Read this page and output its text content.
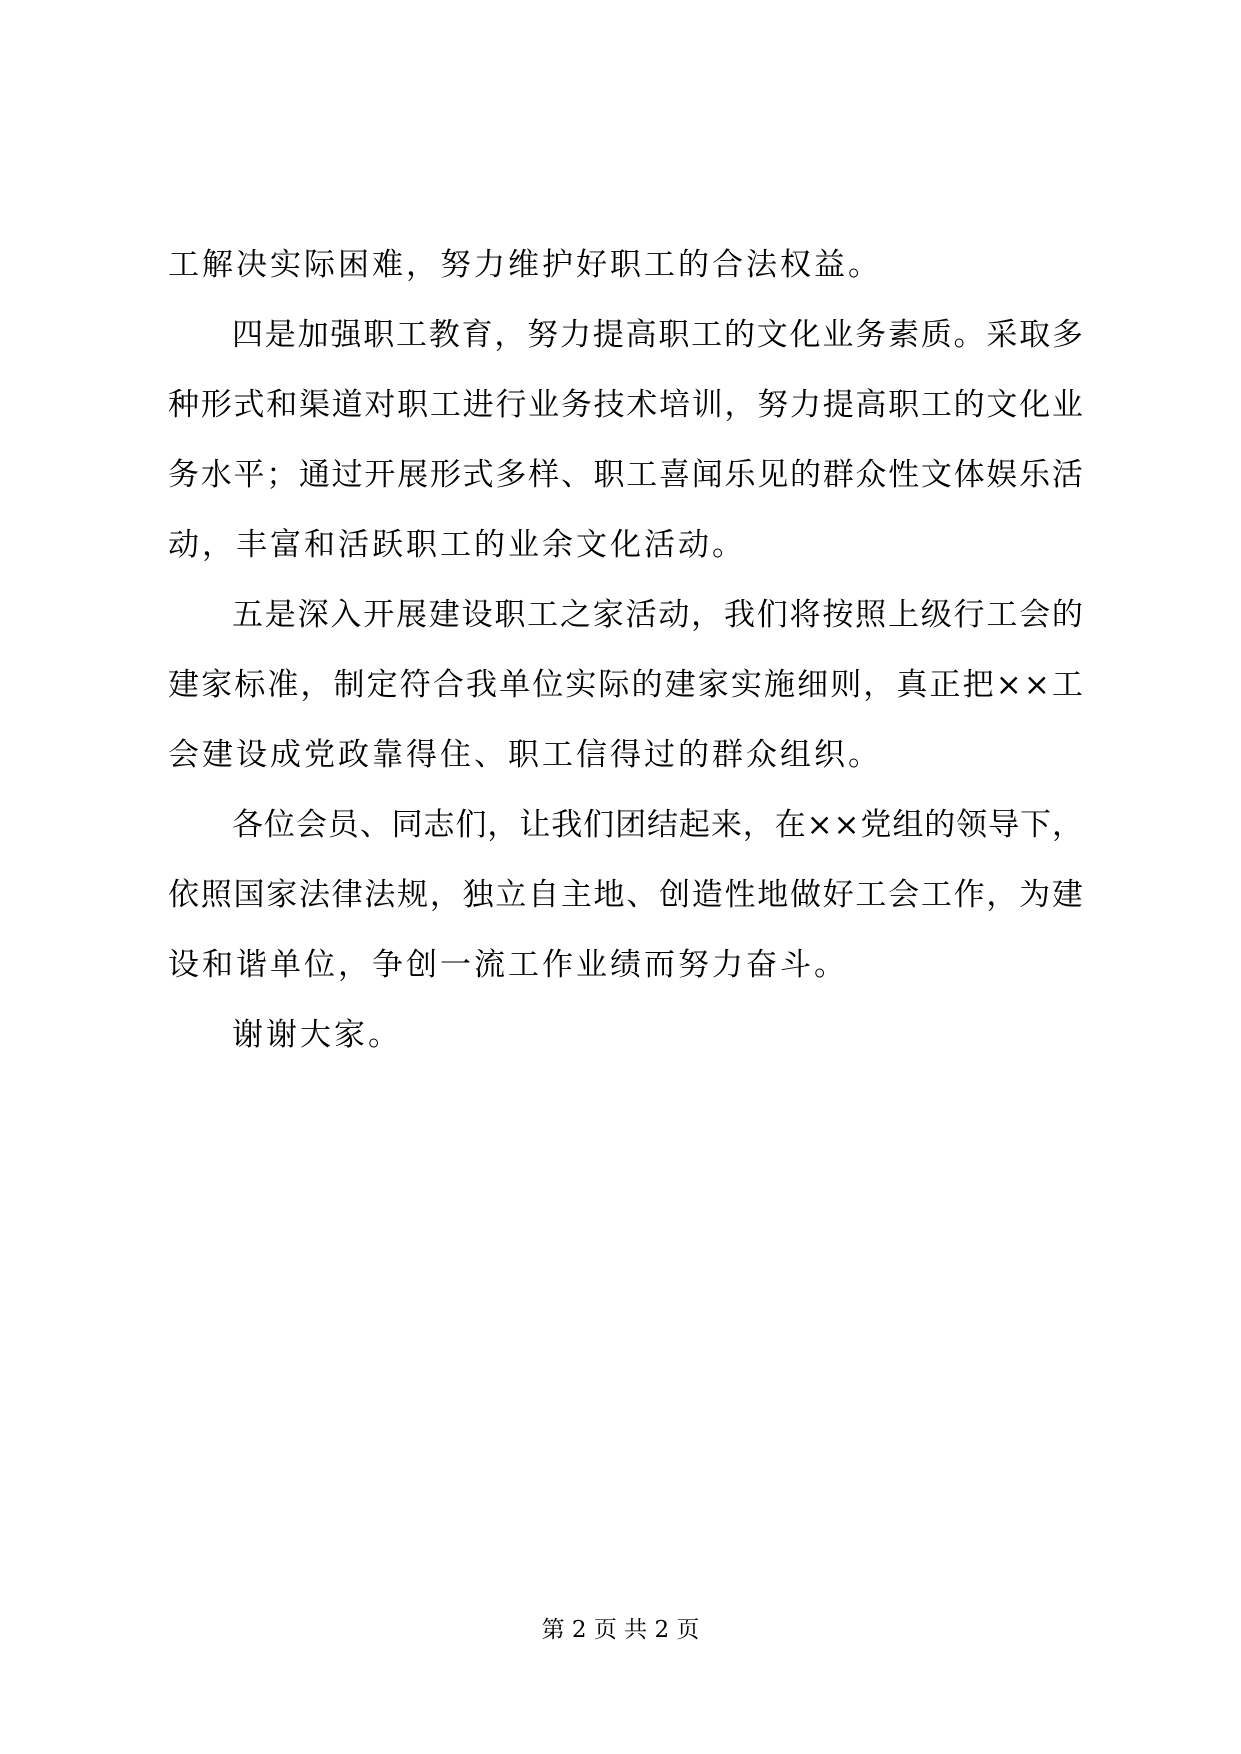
工解决实际困难，努力维护好职工的合法权益。
四 是 加 强 职 工 教 育 ， 努 力 提 高 职 工 的 文 化 业 务 素 质 。 采 取 多
种 形 式 和 渠 道 对 职 工 进 行 业 务 技 术 培 训 ， 努 力 提 高 职 工 的 文 化 业
务 水 平 ； 通 过 开 展 形 式 多 样 、 职 工 喜 闻 乐 见 的 群 众 性 文 体 娱 乐 活
动，丰富和活跃职工的业余文化活动。
五 是 深 入 开 展 建 设 职 工 之 家 活 动 ， 我 们 将 按 照 上 级 行 工 会 的
建 家 标 准 ， 制 定 符 合 我 单 位 实 际 的 建 家 实 施 细 则 ， 真 正 把 × × 工
会建设成党政靠得住、职工信得过的群众组织。
各 位 会 员 、 同 志 们 ， 让 我 们 团 结 起 来 ， 在 × × 党 组 的 领 导 下 ，
依 照 国 家 法 律 法 规 ， 独 立 自 主 地 、 创 造 性 地 做 好 工 会 工 作 ， 为 建
设和谐单位，争创一流工作业绩而努力奋斗。
谢谢大家。
第 2 页 共 2 页
